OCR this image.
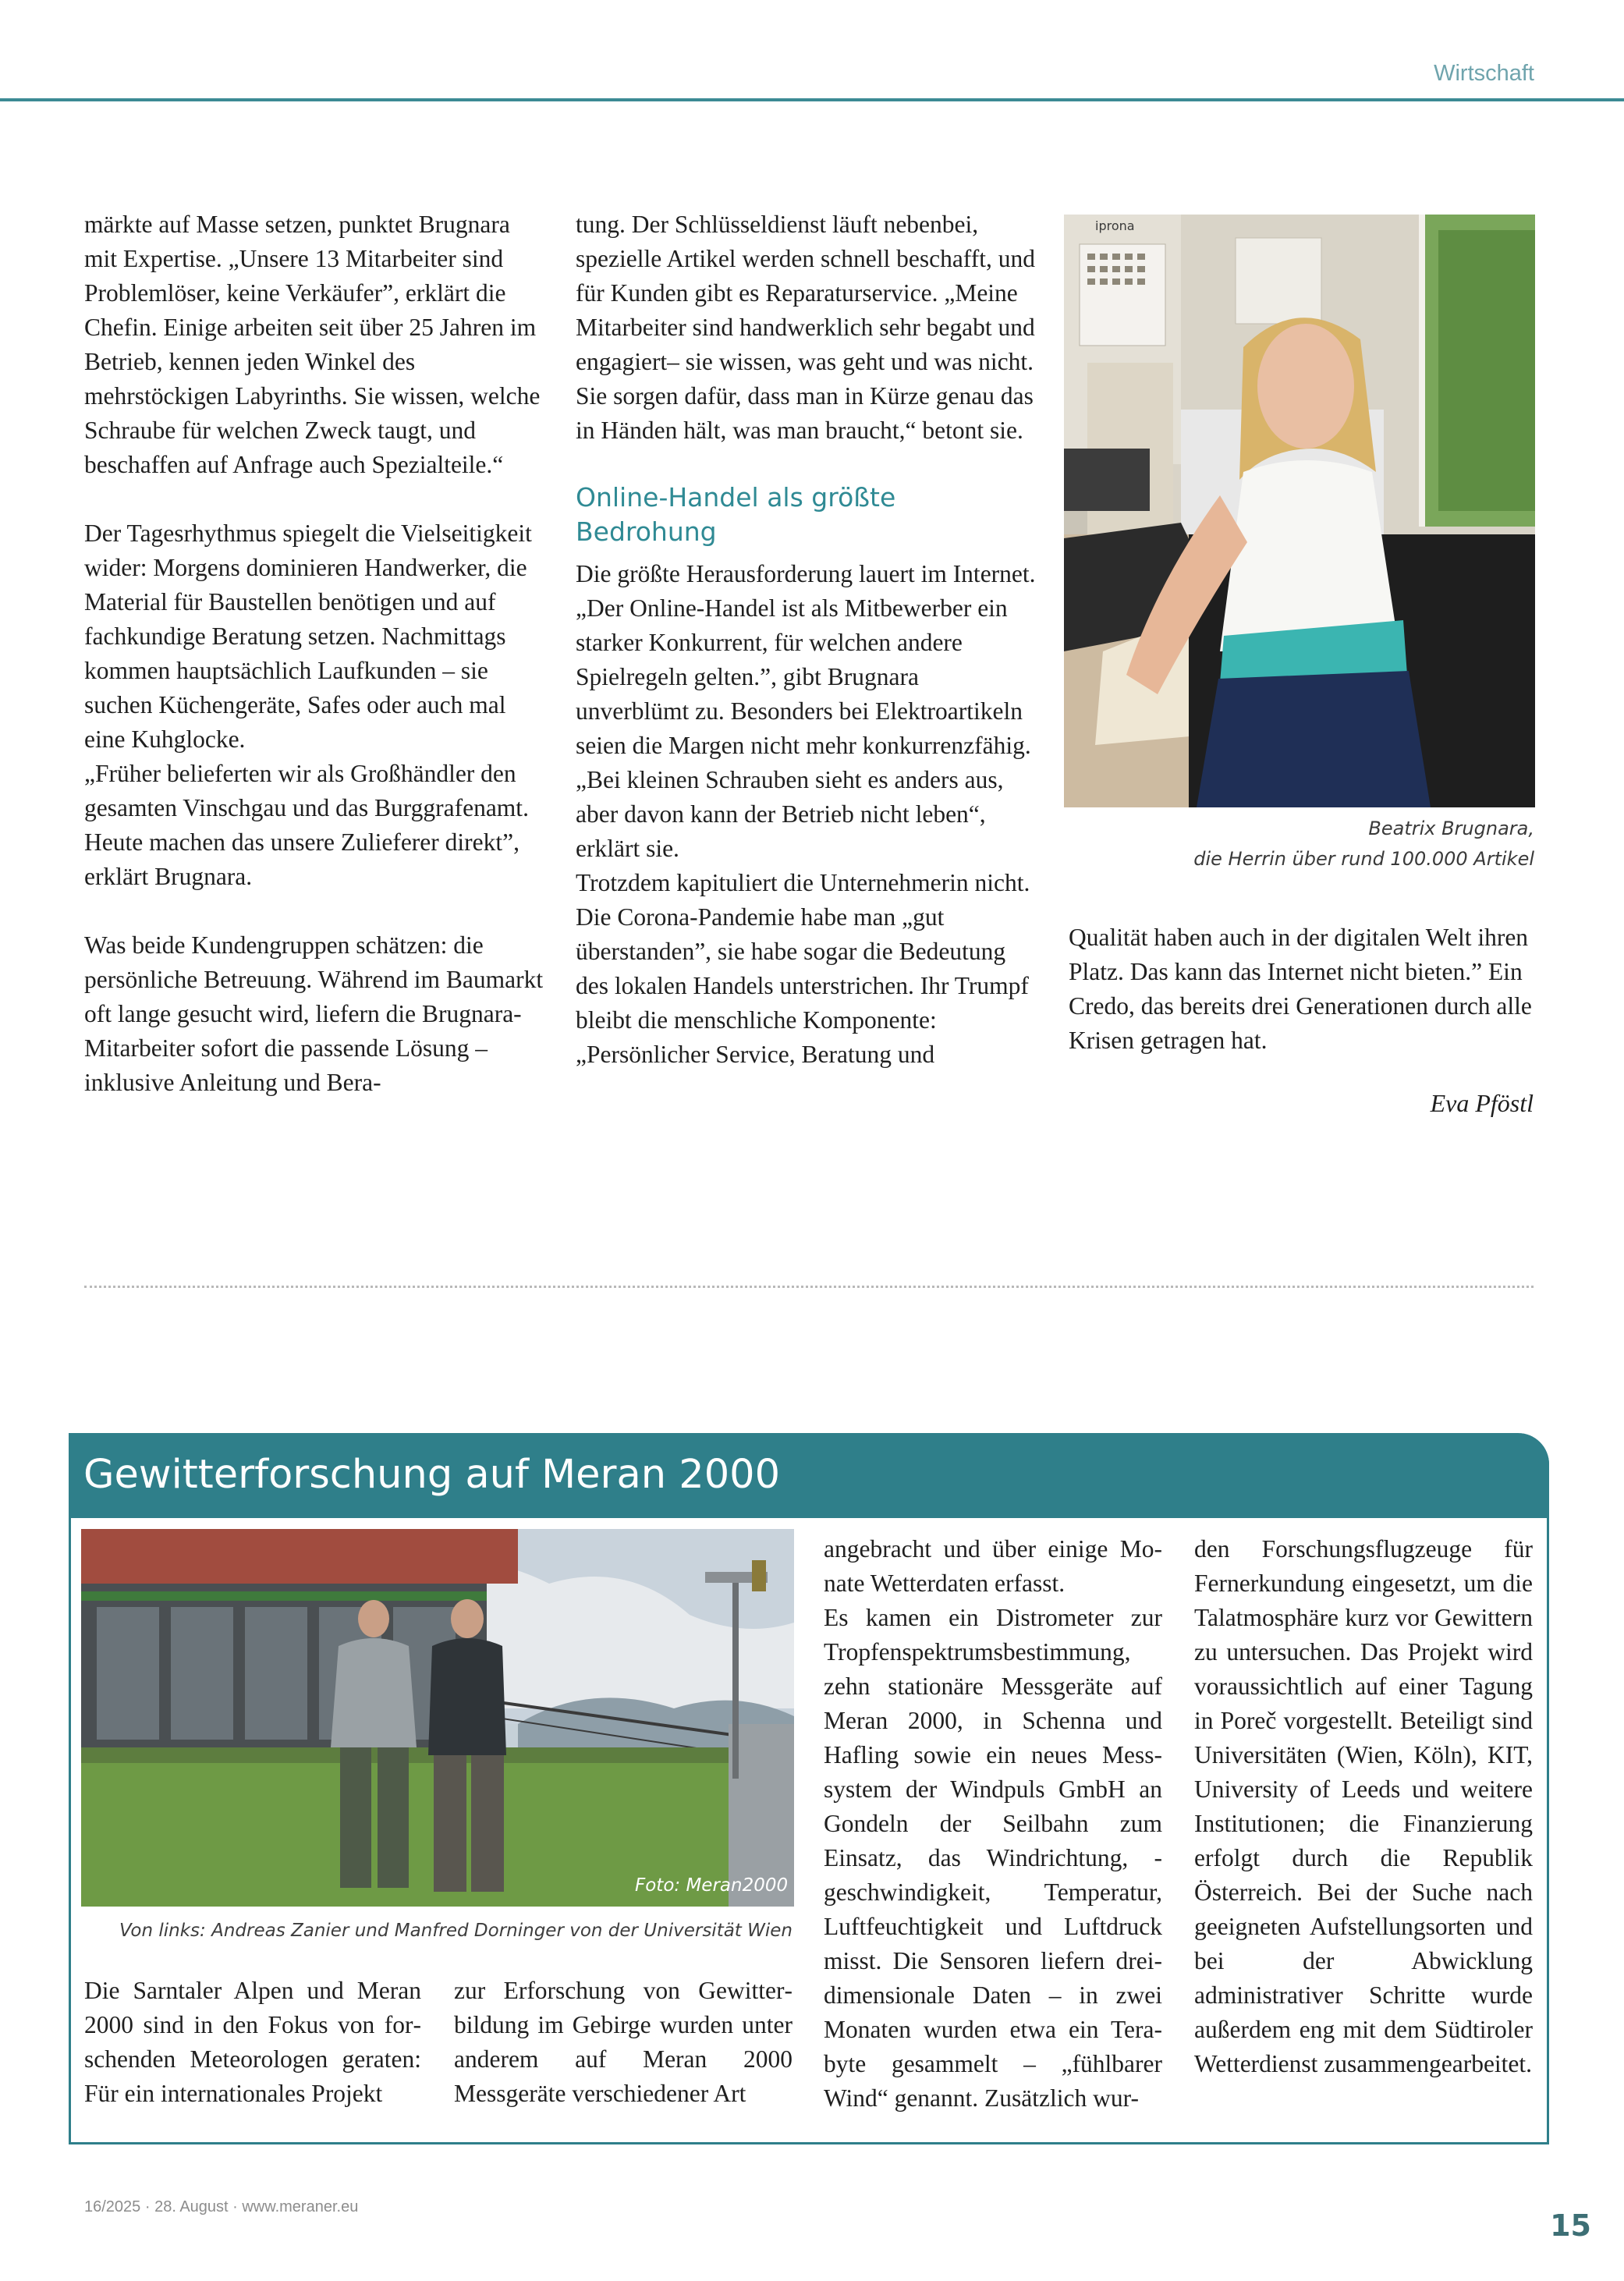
Wirtschaft

märkte auf Masse setzen, punktet Brugnara mit Expertise. „Unsere 13 Mitarbeiter sind Problemlöser, keine Verkäufer”, erklärt die Chefin. Einige arbeiten seit über 25 Jahren im Betrieb, kennen jeden Winkel des mehrstöckigen Labyrinths. Sie wissen, welche Schraube für welchen Zweck taugt, und beschaffen auf Anfrage auch Spezialteile.“

Der Tagesrhythmus spiegelt die Vielseitigkeit wider: Morgens dominieren Handwerker, die Material für Baustellen benötigen und auf fachkundige Beratung setzen. Nachmittags kommen hauptsächlich Laufkunden – sie suchen Küchengeräte, Safes oder auch mal eine Kuhglocke.

„Früher belieferten wir als Großhändler den gesamten Vinschgau und das Burggrafenamt. Heute machen das unsere Zulieferer direkt”, erklärt Brugnara.

Was beide Kundengruppen schätzen: die persönliche Betreuung. Während im Baumarkt oft lange gesucht wird, liefern die Brugnara-Mitarbeiter sofort die passende Lösung – inklusive Anleitung und Bera-

tung. Der Schlüsseldienst läuft nebenbei, spezielle Artikel werden schnell beschafft, und für Kunden gibt es Reparaturservice. „Meine Mitarbeiter sind handwerklich sehr begabt und engagiert– sie wissen, was geht und was nicht. Sie sorgen dafür, dass man in Kürze genau das in Händen hält, was man braucht,“ betont sie.

Online-Handel als größte Bedrohung

Die größte Herausforderung lauert im Internet. „Der Online-Handel ist als Mitbewerber ein starker Konkurrent, für welchen andere Spielregeln gelten.”, gibt Brugnara unverblümt zu. Besonders bei Elektroartikeln seien die Margen nicht mehr konkurrenzfähig. „Bei kleinen Schrauben sieht es anders aus, aber davon kann der Betrieb nicht leben“, erklärt sie.

Trotzdem kapituliert die Unternehmerin nicht. Die Corona-Pandemie habe man „gut überstanden”, sie habe sogar die Bedeutung des lokalen Handels unterstrichen. Ihr Trumpf bleibt die menschliche Komponente: „Persönlicher Service, Beratung und

iprona
Beatrix Brugnara,
die Herrin über rund 100.000 Artikel

Qualität haben auch in der digitalen Welt ihren Platz. Das kann das Internet nicht bieten.” Ein Credo, das bereits drei Generationen durch alle Krisen getragen hat.

Eva Pföstl
Gewitterforschung auf Meran 2000
Foto: Meran2000
Von links: Andreas Zanier und Manfred Dorninger von der Universität Wien

Die Sarntaler Alpen und Meran 2000 sind in den Fokus von forschenden Meteorologen geraten: Für ein internationales Projekt

zur Erforschung von Gewitterbildung im Gebirge wurden unter anderem auf Meran 2000 Messgeräte verschiedener Art

angebracht und über einige Monate Wetterdaten erfasst.

Es kamen ein Distrometer zur Tropfenspektrumsbestimmung, zehn stationäre Messgeräte auf Meran 2000, in Schenna und Hafling sowie ein neues Messsystem der Windpuls GmbH an Gondeln der Seilbahn zum Einsatz, das Windrichtung, -geschwindigkeit, Temperatur, Luftfeuchtigkeit und Luftdruck misst. Die Sensoren liefern dreidimensionale Daten – in zwei Monaten wurden etwa ein Terabyte gesammelt – „fühlbarer Wind“ genannt. Zusätzlich wur-

den Forschungsflugzeuge für Fernerkundung eingesetzt, um die Talatmosphäre kurz vor Gewittern zu untersuchen. Das Projekt wird voraussichtlich auf einer Tagung in Poreč vorgestellt. Beteiligt sind Universitäten (Wien, Köln), KIT, University of Leeds und weitere Institutionen; die Finanzierung erfolgt durch die Republik Österreich. Bei der Suche nach geeigneten Aufstellungsorten und bei der Abwicklung administrativer Schritte wurde außerdem eng mit dem Südtiroler Wetterdienst zusammengearbeitet.

16/2025 · 28. August · www.meraner.eu
15
